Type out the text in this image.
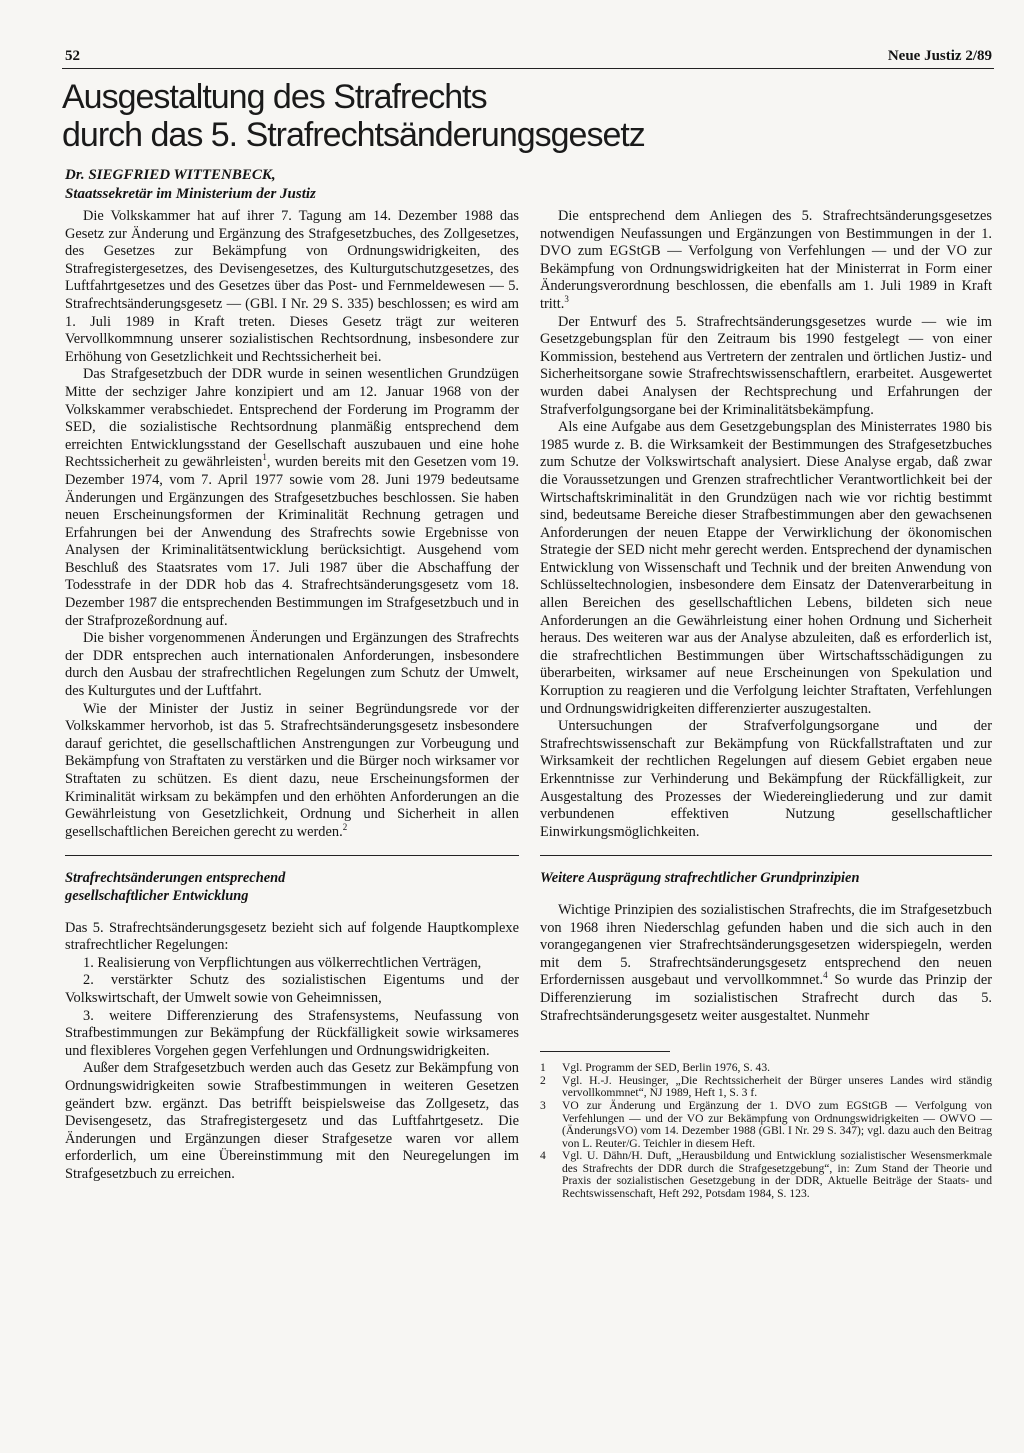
52	Neue Justiz 2/89
Ausgestaltung des Strafrechts
durch das 5. Strafrechtsänderungsgesetz
Dr. SIEGFRIED WITTENBECK,
Staatssekretär im Ministerium der Justiz

Die Volkskammer hat auf ihrer 7. Tagung am 14. Dezember 1988 das Gesetz zur Änderung und Ergänzung des Strafgesetzbuches, des Zollgesetzes, des Gesetzes zur Bekämpfung von Ordnungswidrigkeiten, des Strafregistergesetzes, des Devisengesetzes, des Kulturgutschutzgesetzes, des Luftfahrtgesetzes und des Gesetzes über das Post- und Fernmeldewesen — 5. Strafrechtsänderungsgesetz — (GBl. I Nr. 29 S. 335) beschlossen; es wird am 1. Juli 1989 in Kraft treten. Dieses Gesetz trägt zur weiteren Vervollkommnung unserer sozialistischen Rechtsordnung, insbesondere zur Erhöhung von Gesetzlichkeit und Rechtssicherheit bei.

Das Strafgesetzbuch der DDR wurde in seinen wesentlichen Grundzügen Mitte der sechziger Jahre konzipiert und am 12. Januar 1968 von der Volkskammer verabschiedet. Entsprechend der Forderung im Programm der SED, die sozialistische Rechtsordnung planmäßig entsprechend dem erreichten Entwicklungsstand der Gesellschaft auszubauen und eine hohe Rechtssicherheit zu gewährleisten$^1$, wurden bereits mit den Gesetzen vom 19. Dezember 1974, vom 7. April 1977 sowie vom 28. Juni 1979 bedeutsame Änderungen und Ergänzungen des Strafgesetzbuches beschlossen. Sie haben neuen Erscheinungsformen der Kriminalität Rechnung getragen und Erfahrungen bei der Anwendung des Strafrechts sowie Ergebnisse von Analysen der Kriminalitätsentwicklung berücksichtigt. Ausgehend vom Beschluß des Staatsrates vom 17. Juli 1987 über die Abschaffung der Todesstrafe in der DDR hob das 4. Strafrechtsänderungsgesetz vom 18. Dezember 1987 die entsprechenden Bestimmungen im Strafgesetzbuch und in der Strafprozeßordnung auf.

Die bisher vorgenommenen Änderungen und Ergänzungen des Strafrechts der DDR entsprechen auch internationalen Anforderungen, insbesondere durch den Ausbau der strafrechtlichen Regelungen zum Schutz der Umwelt, des Kulturgutes und der Luftfahrt.

Wie der Minister der Justiz in seiner Begründungsrede vor der Volkskammer hervorhob, ist das 5. Strafrechtsänderungsgesetz insbesondere darauf gerichtet, die gesellschaftlichen Anstrengungen zur Vorbeugung und Bekämpfung von Straftaten zu verstärken und die Bürger noch wirksamer vor Straftaten zu schützen. Es dient dazu, neue Erscheinungsformen der Kriminalität wirksam zu bekämpfen und den erhöhten Anforderungen an die Gewährleistung von Gesetzlichkeit, Ordnung und Sicherheit in allen gesellschaftlichen Bereichen gerecht zu werden.$^2$

Strafrechtsänderungen entsprechend
gesellschaftlicher Entwicklung

Das 5. Strafrechtsänderungsgesetz bezieht sich auf folgende Hauptkomplexe strafrechtlicher Regelungen:

1. Realisierung von Verpflichtungen aus völkerrechtlichen Verträgen,

2. verstärkter Schutz des sozialistischen Eigentums und der Volkswirtschaft, der Umwelt sowie von Geheimnissen,

3. weitere Differenzierung des Strafensystems, Neufassung von Strafbestimmungen zur Bekämpfung der Rückfälligkeit sowie wirksameres und flexibleres Vorgehen gegen Verfehlungen und Ordnungswidrigkeiten.

Außer dem Strafgesetzbuch werden auch das Gesetz zur Bekämpfung von Ordnungswidrigkeiten sowie Strafbestimmungen in weiteren Gesetzen geändert bzw. ergänzt. Das betrifft beispielsweise das Zollgesetz, das Devisengesetz, das Strafregistergesetz und das Luftfahrtgesetz. Die Änderungen und Ergänzungen dieser Strafgesetze waren vor allem erforderlich, um eine Übereinstimmung mit den Neuregelungen im Strafgesetzbuch zu erreichen.

Die entsprechend dem Anliegen des 5. Strafrechtsänderungsgesetzes notwendigen Neufassungen und Ergänzungen von Bestimmungen in der 1. DVO zum EGStGB — Verfolgung von Verfehlungen — und der VO zur Bekämpfung von Ordnungswidrigkeiten hat der Ministerrat in Form einer Änderungsverordnung beschlossen, die ebenfalls am 1. Juli 1989 in Kraft tritt.$^3$

Der Entwurf des 5. Strafrechtsänderungsgesetzes wurde — wie im Gesetzgebungsplan für den Zeitraum bis 1990 festgelegt — von einer Kommission, bestehend aus Vertretern der zentralen und örtlichen Justiz- und Sicherheitsorgane sowie Strafrechtswissenschaftlern, erarbeitet. Ausgewertet wurden dabei Analysen der Rechtsprechung und Erfahrungen der Strafverfolgungsorgane bei der Kriminalitätsbekämpfung.

Als eine Aufgabe aus dem Gesetzgebungsplan des Ministerrates 1980 bis 1985 wurde z. B. die Wirksamkeit der Bestimmungen des Strafgesetzbuches zum Schutze der Volkswirtschaft analysiert. Diese Analyse ergab, daß zwar die Voraussetzungen und Grenzen strafrechtlicher Verantwortlichkeit bei der Wirtschaftskriminalität in den Grundzügen nach wie vor richtig bestimmt sind, bedeutsame Bereiche dieser Strafbestimmungen aber den gewachsenen Anforderungen der neuen Etappe der Verwirklichung der ökonomischen Strategie der SED nicht mehr gerecht werden. Entsprechend der dynamischen Entwicklung von Wissenschaft und Technik und der breiten Anwendung von Schlüsseltechnologien, insbesondere dem Einsatz der Datenverarbeitung in allen Bereichen des gesellschaftlichen Lebens, bildeten sich neue Anforderungen an die Gewährleistung einer hohen Ordnung und Sicherheit heraus. Des weiteren war aus der Analyse abzuleiten, daß es erforderlich ist, die strafrechtlichen Bestimmungen über Wirtschaftsschädigungen zu überarbeiten, wirksamer auf neue Erscheinungen von Spekulation und Korruption zu reagieren und die Verfolgung leichter Straftaten, Verfehlungen und Ordnungswidrigkeiten differenzierter auszugestalten.

Untersuchungen der Strafverfolgungsorgane und der Strafrechtswissenschaft zur Bekämpfung von Rückfallstraftaten und zur Wirksamkeit der rechtlichen Regelungen auf diesem Gebiet ergaben neue Erkenntnisse zur Verhinderung und Bekämpfung der Rückfälligkeit, zur Ausgestaltung des Prozesses der Wiedereingliederung und zur damit verbundenen effektiven Nutzung gesellschaftlicher Einwirkungsmöglichkeiten.

Weitere Ausprägung strafrechtlicher Grundprinzipien

Wichtige Prinzipien des sozialistischen Strafrechts, die im Strafgesetzbuch von 1968 ihren Niederschlag gefunden haben und die sich auch in den vorangegangenen vier Strafrechtsänderungsgesetzen widerspiegeln, werden mit dem 5. Strafrechtsänderungsgesetz entsprechend den neuen Erfordernissen ausgebaut und vervollkommnet.$^4$ So wurde das Prinzip der Differenzierung im sozialistischen Strafrecht durch das 5. Strafrechtsänderungsgesetz weiter ausgestaltet. Nunmehr

1	Vgl. Programm der SED, Berlin 1976, S. 43.
2	Vgl. H.-J. Heusinger, „Die Rechtssicherheit der Bürger unseres Landes wird ständig vervollkommnet“, NJ 1989, Heft 1, S. 3 f.
3	VO zur Änderung und Ergänzung der 1. DVO zum EGStGB — Verfolgung von Verfehlungen — und der VO zur Bekämpfung von Ordnungswidrigkeiten — OWVO — (ÄnderungsVO) vom 14. Dezember 1988 (GBl. I Nr. 29 S. 347); vgl. dazu auch den Beitrag von L. Reuter/G. Teichler in diesem Heft.
4	Vgl. U. Dähn/H. Duft, „Herausbildung und Entwicklung sozialistischer Wesensmerkmale des Strafrechts der DDR durch die Strafgesetzgebung“, in: Zum Stand der Theorie und Praxis der sozialistischen Gesetzgebung in der DDR, Aktuelle Beiträge der Staats- und Rechtswissenschaft, Heft 292, Potsdam 1984, S. 123.
